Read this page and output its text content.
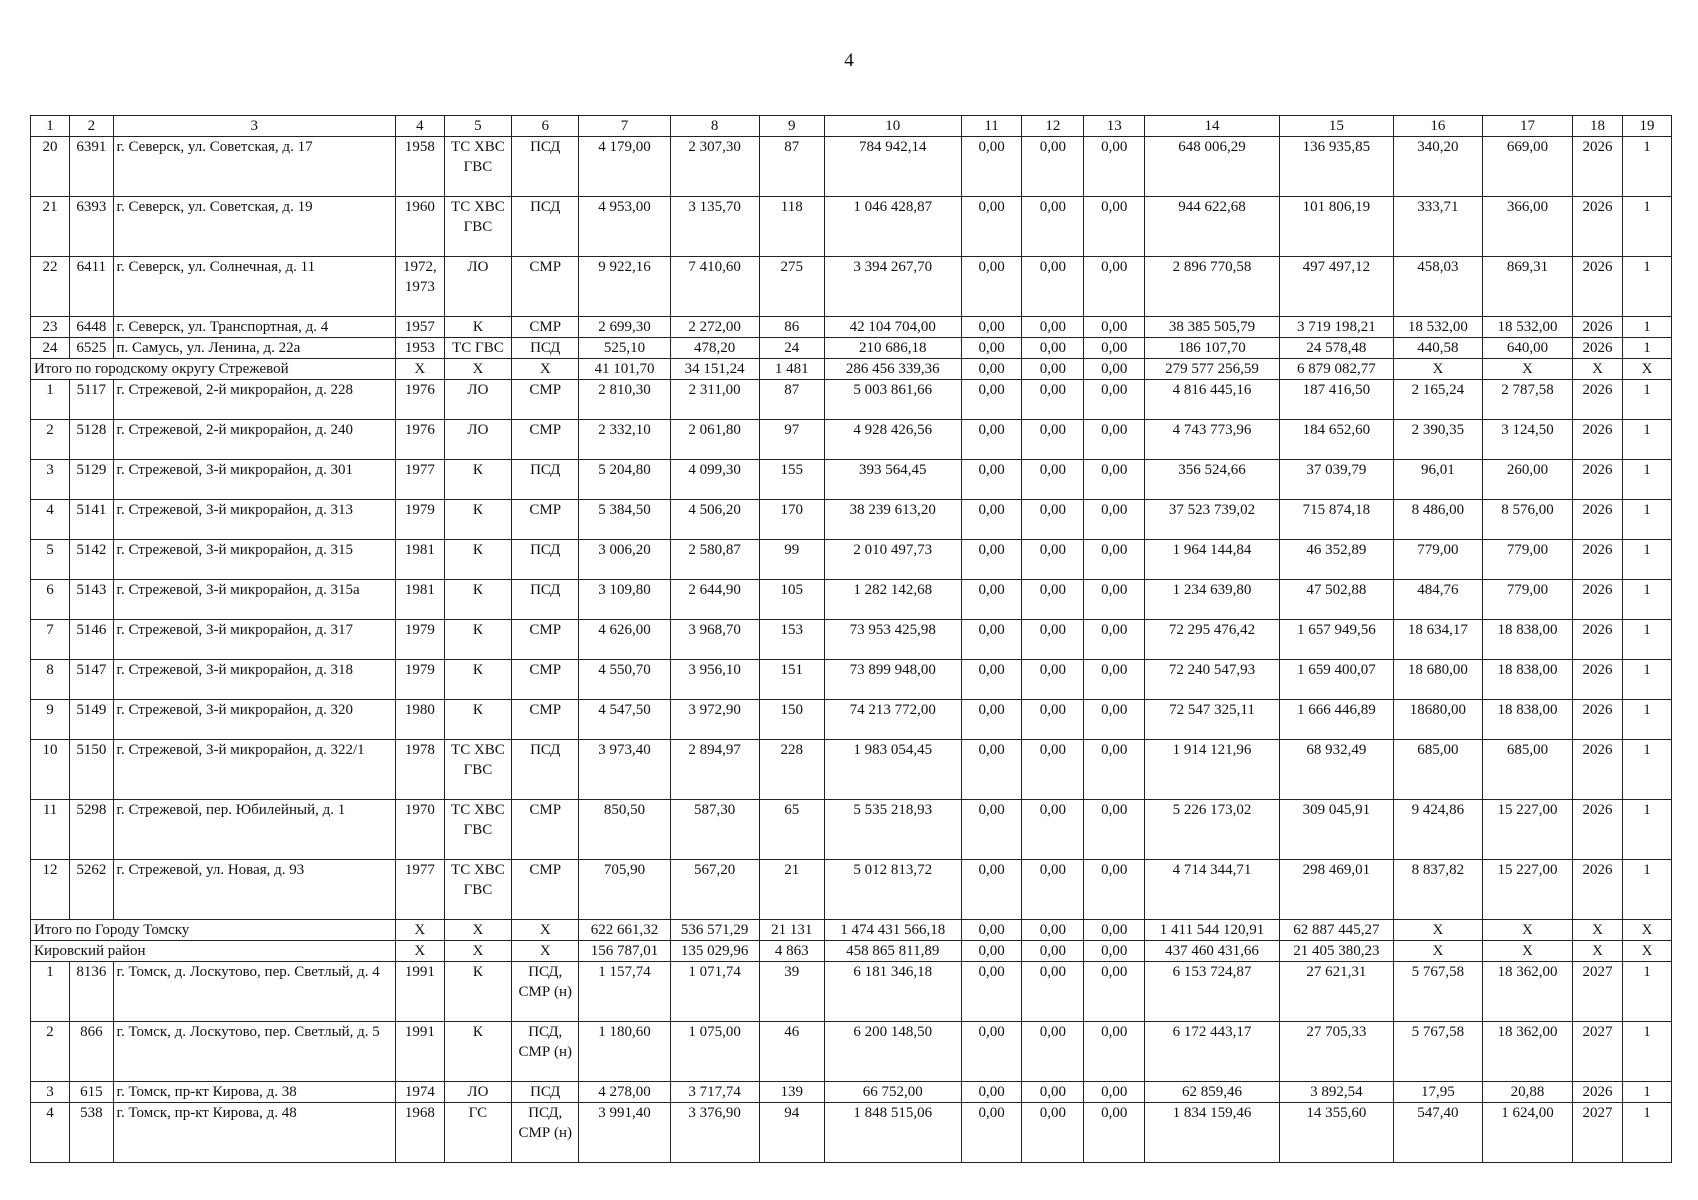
4
1	2	3	4	5	6	7	8	9	10	11	12	13	14	15	16	17	18	19
20	6391	г. Северск, ул. Советская, д. 17	1958	ТС ХВС ГВС	ПСД	4 179,00	2 307,30	87	784 942,14	0,00	0,00	0,00	648 006,29	136 935,85	340,20	669,00	2026	1
21	6393	г. Северск, ул. Советская, д. 19	1960	ТС ХВС ГВС	ПСД	4 953,00	3 135,70	118	1 046 428,87	0,00	0,00	0,00	944 622,68	101 806,19	333,71	366,00	2026	1
22	6411	г. Северск, ул. Солнечная, д. 11	1972, 1973	ЛО	СМР	9 922,16	7 410,60	275	3 394 267,70	0,00	0,00	0,00	2 896 770,58	497 497,12	458,03	869,31	2026	1
23	6448	г. Северск, ул. Транспортная, д. 4	1957	К	СМР	2 699,30	2 272,00	86	42 104 704,00	0,00	0,00	0,00	38 385 505,79	3 719 198,21	18 532,00	18 532,00	2026	1
24	6525	п. Самусь, ул. Ленина, д. 22а	1953	ТС ГВС	ПСД	525,10	478,20	24	210 686,18	0,00	0,00	0,00	186 107,70	24 578,48	440,58	640,00	2026	1
Итого по городскому округу Стрежевой			Х	Х	Х	41 101,70	34 151,24	1 481	286 456 339,36	0,00	0,00	0,00	279 577 256,59	6 879 082,77	Х	Х	Х	Х
1	5117	г. Стрежевой, 2-й микрорайон, д. 228	1976	ЛО	СМР	2 810,30	2 311,00	87	5 003 861,66	0,00	0,00	0,00	4 816 445,16	187 416,50	2 165,24	2 787,58	2026	1
2	5128	г. Стрежевой, 2-й микрорайон, д. 240	1976	ЛО	СМР	2 332,10	2 061,80	97	4 928 426,56	0,00	0,00	0,00	4 743 773,96	184 652,60	2 390,35	3 124,50	2026	1
3	5129	г. Стрежевой, 3-й микрорайон, д. 301	1977	К	ПСД	5 204,80	4 099,30	155	393 564,45	0,00	0,00	0,00	356 524,66	37 039,79	96,01	260,00	2026	1
4	5141	г. Стрежевой, 3-й микрорайон, д. 313	1979	К	СМР	5 384,50	4 506,20	170	38 239 613,20	0,00	0,00	0,00	37 523 739,02	715 874,18	8 486,00	8 576,00	2026	1
5	5142	г. Стрежевой, 3-й микрорайон, д. 315	1981	К	ПСД	3 006,20	2 580,87	99	2 010 497,73	0,00	0,00	0,00	1 964 144,84	46 352,89	779,00	779,00	2026	1
6	5143	г. Стрежевой, 3-й микрорайон, д. 315а	1981	К	ПСД	3 109,80	2 644,90	105	1 282 142,68	0,00	0,00	0,00	1 234 639,80	47 502,88	484,76	779,00	2026	1
7	5146	г. Стрежевой, 3-й микрорайон, д. 317	1979	К	СМР	4 626,00	3 968,70	153	73 953 425,98	0,00	0,00	0,00	72 295 476,42	1 657 949,56	18 634,17	18 838,00	2026	1
8	5147	г. Стрежевой, 3-й микрорайон, д. 318	1979	К	СМР	4 550,70	3 956,10	151	73 899 948,00	0,00	0,00	0,00	72 240 547,93	1 659 400,07	18 680,00	18 838,00	2026	1
9	5149	г. Стрежевой, 3-й микрорайон, д. 320	1980	К	СМР	4 547,50	3 972,90	150	74 213 772,00	0,00	0,00	0,00	72 547 325,11	1 666 446,89	18680,00	18 838,00	2026	1
10	5150	г. Стрежевой, 3-й микрорайон, д. 322/1	1978	ТС ХВС ГВС	ПСД	3 973,40	2 894,97	228	1 983 054,45	0,00	0,00	0,00	1 914 121,96	68 932,49	685,00	685,00	2026	1
11	5298	г. Стрежевой, пер. Юбилейный, д. 1	1970	ТС ХВС ГВС	СМР	850,50	587,30	65	5 535 218,93	0,00	0,00	0,00	5 226 173,02	309 045,91	9 424,86	15 227,00	2026	1
12	5262	г. Стрежевой, ул. Новая, д. 93	1977	ТС ХВС ГВС	СМР	705,90	567,20	21	5 012 813,72	0,00	0,00	0,00	4 714 344,71	298 469,01	8 837,82	15 227,00	2026	1
Итого по Городу Томску			Х	Х	Х	622 661,32	536 571,29	21 131	1 474 431 566,18	0,00	0,00	0,00	1 411 544 120,91	62 887 445,27	Х	Х	Х	Х
Кировский район			Х	Х	Х	156 787,01	135 029,96	4 863	458 865 811,89	0,00	0,00	0,00	437 460 431,66	21 405 380,23	Х	Х	Х	Х
1	8136	г. Томск, д. Лоскутово, пер. Светлый, д. 4	1991	К	ПСД, СМР (н)	1 157,74	1 071,74	39	6 181 346,18	0,00	0,00	0,00	6 153 724,87	27 621,31	5 767,58	18 362,00	2027	1
2	866	г. Томск, д. Лоскутово, пер. Светлый, д. 5	1991	К	ПСД, СМР (н)	1 180,60	1 075,00	46	6 200 148,50	0,00	0,00	0,00	6 172 443,17	27 705,33	5 767,58	18 362,00	2027	1
3	615	г. Томск, пр-кт Кирова, д. 38	1974	ЛО	ПСД	4 278,00	3 717,74	139	66 752,00	0,00	0,00	0,00	62 859,46	3 892,54	17,95	20,88	2026	1
4	538	г. Томск, пр-кт Кирова, д. 48	1968	ГС	ПСД, СМР (н)	3 991,40	3 376,90	94	1 848 515,06	0,00	0,00	0,00	1 834 159,46	14 355,60	547,40	1 624,00	2027	1
